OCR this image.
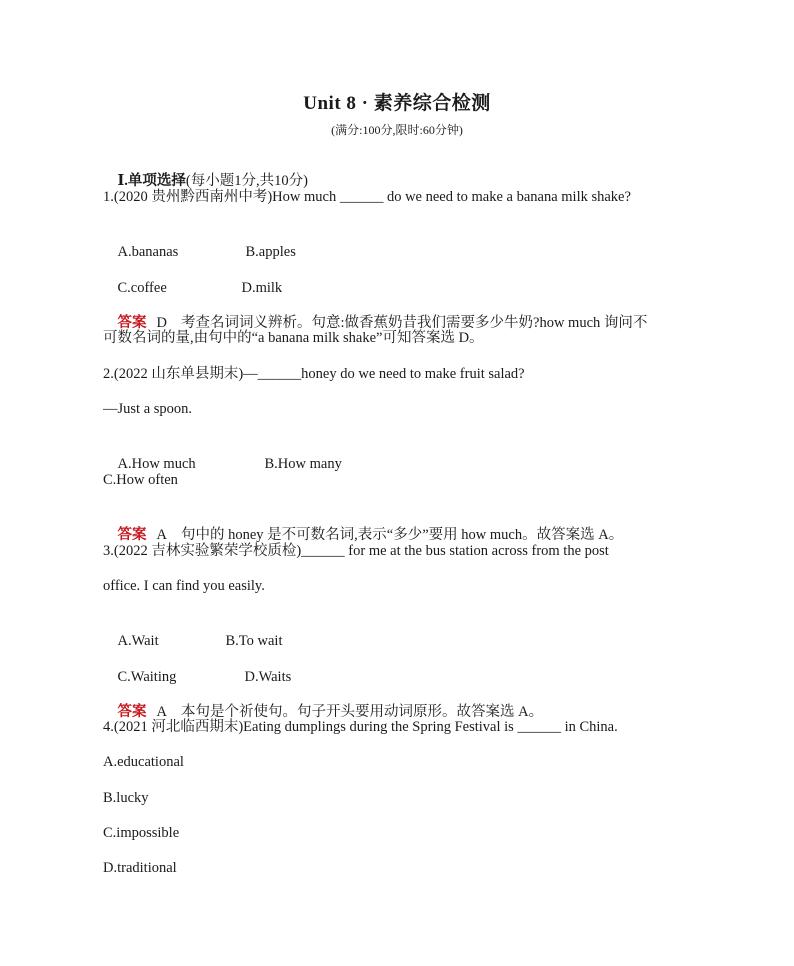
Unit 8 · 素养综合检测
(满分:100分,限时:60分钟)

Ⅰ.单项选择(每小题1分,共10分)

1.(2020 贵州黔西南州中考)How much ______ do we need to make a banana milk shake?

A.bananas	B.apples

C.coffee	D.milk

答案 D 考查名词词义辨析。句意:做香蕉奶昔我们需要多少牛奶?how much 询问不

可数名词的量,由句中的“a banana milk shake”可知答案选 D。
2.(2022 山东单县期末)—______honey do we need to make fruit salad?
—Just a spoon.

A.How much	B.How many

C.How often

答案 A 句中的 honey 是不可数名词,表示“多少”要用 how much。故答案选 A。

3.(2022 吉林实验繁荣学校质检)______ for me at the bus station across from the post
office. I can find you easily.

A.Wait	B.To wait

C.Waiting	D.Waits

答案 A 本句是个祈使句。句子开头要用动词原形。故答案选 A。

4.(2021 河北临西期末)Eating dumplings during the Spring Festival is ______ in China.
A.educational
B.lucky
C.impossible
D.traditional
